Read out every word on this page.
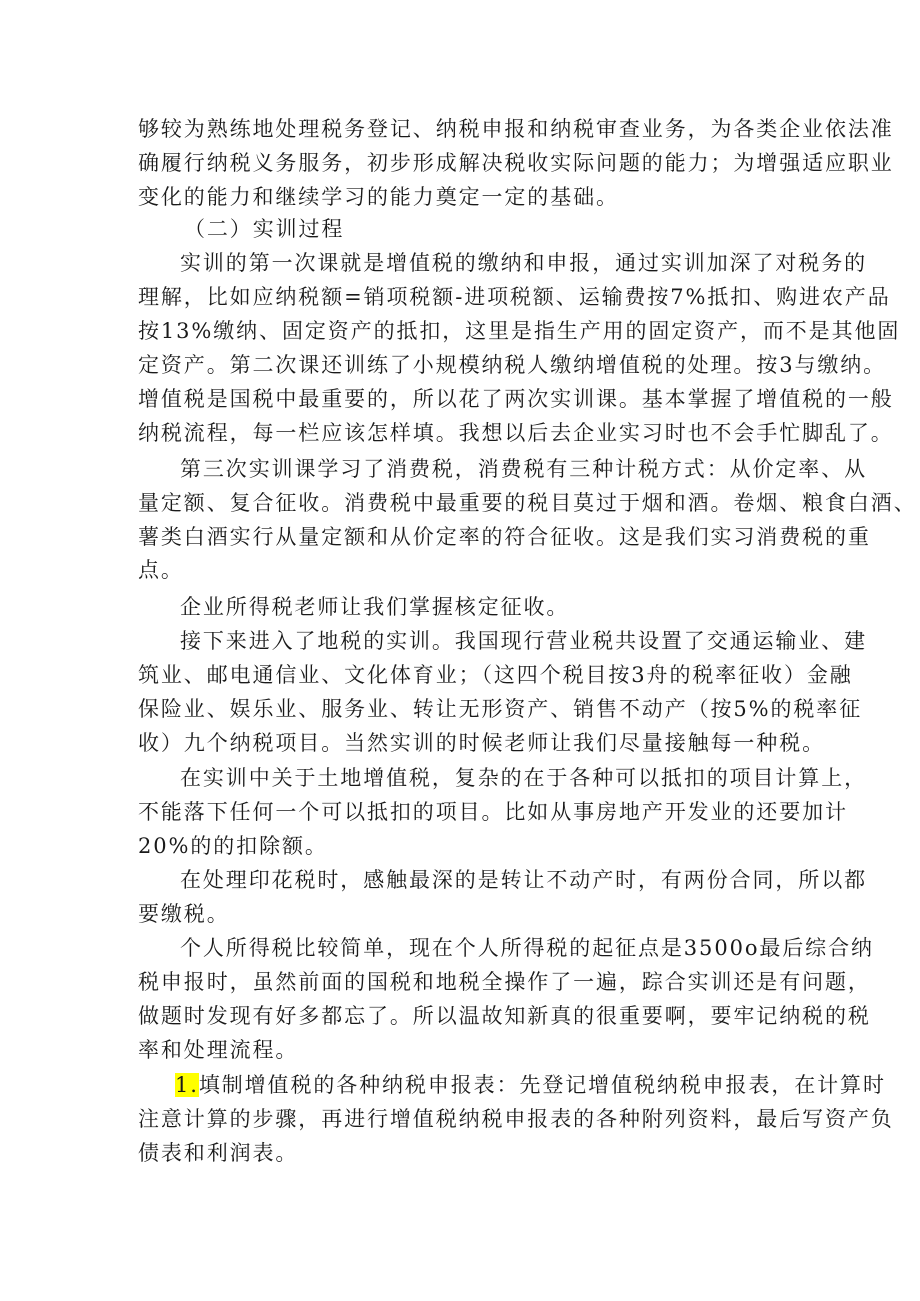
够较为熟练地处理税务登记、纳税申报和纳税审查业务，为各类企业依法准
确履行纳税义务服务，初步形成解决税收实际问题的能力；为增强适应职业
变化的能力和继续学习的能力奠定一定的基础。
（二）实训过程
实训的第一次课就是增值税的缴纳和申报，通过实训加深了对税务的
理解，比如应纳税额=销项税额-进项税额、运输费按7%抵扣、购进农产品
按13%缴纳、固定资产的抵扣，这里是指生产用的固定资产，而不是其他固
定资产。第二次课还训练了小规模纳税人缴纳增值税的处理。按3与缴纳。
增值税是国税中最重要的，所以花了两次实训课。基本掌握了增值税的一般
纳税流程，每一栏应该怎样填。我想以后去企业实习时也不会手忙脚乱了。
第三次实训课学习了消费税，消费税有三种计税方式：从价定率、从
量定额、复合征收。消费税中最重要的税目莫过于烟和酒。卷烟、粮食白酒、
薯类白酒实行从量定额和从价定率的符合征收。这是我们实习消费税的重
点。
企业所得税老师让我们掌握核定征收。
接下来进入了地税的实训。我国现行营业税共设置了交通运输业、建
筑业、邮电通信业、文化体育业；（这四个税目按3舟的税率征收）金融
保险业、娱乐业、服务业、转让无形资产、销售不动产（按5%的税率征
收）九个纳税项目。当然实训的时候老师让我们尽量接触每一种税。
在实训中关于土地增值税，复杂的在于各种可以抵扣的项目计算上，
不能落下任何一个可以抵扣的项目。比如从事房地产开发业的还要加计
20%的的扣除额。
在处理印花税时，感触最深的是转让不动产时，有两份合同，所以都
要缴税。
个人所得税比较简单，现在个人所得税的起征点是3500o最后综合纳
税申报时，虽然前面的国税和地税全操作了一遍，踪合实训还是有问题，
做题时发现有好多都忘了。所以温故知新真的很重要啊，要牢记纳税的税
率和处理流程。
1.填制增值税的各种纳税申报表：先登记增值税纳税申报表，在计算时
注意计算的步骤，再进行增值税纳税申报表的各种附列资料，最后写资产负
债表和利润表。
